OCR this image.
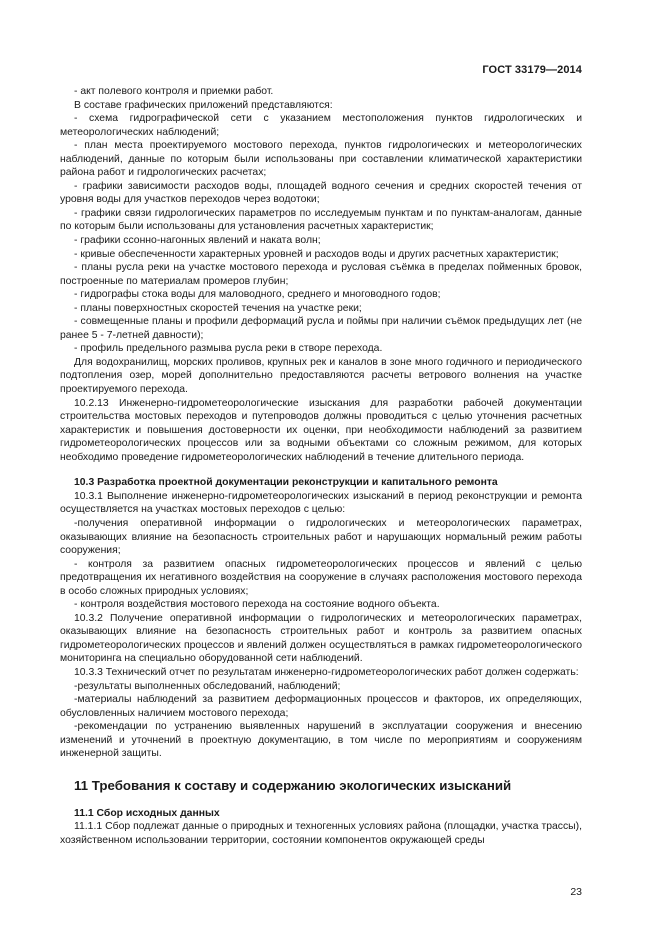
ГОСТ 33179—2014

- акт полевого контроля и приемки работ.

В составе графических приложений представляются:

- схема гидрографической сети с указанием местоположения пунктов гидрологических и метеорологических наблюдений;

- план места проектируемого мостового перехода, пунктов гидрологических и метеорологических наблюдений, данные по которым были использованы при составлении климатической характеристики района работ и гидрологических расчетах;

- графики зависимости расходов воды, площадей водного сечения и средних скоростей течения от уровня воды для участков переходов через водотоки;

- графики связи гидрологических параметров по исследуемым пунктам и по пунктам-аналогам, данные по которым были использованы для установления расчетных характеристик;

- графики ссонно-нагонных явлений и наката волн;

- кривые обеспеченности характерных уровней и расходов воды и других расчетных характеристик;

- планы русла реки на участке мостового перехода и русловая съёмка в пределах пойменных бровок, построенные по материалам промеров глубин;

- гидрографы стока воды для маловодного, среднего и многоводного годов;

- планы поверхностных скоростей течения на участке реки;

- совмещенные планы и профили деформаций русла и поймы при наличии съёмок предыдущих лет (не ранее 5 - 7-летней давности);

- профиль предельного размыва русла реки в створе перехода.

Для водохранилищ, морских проливов, крупных рек и каналов в зоне много годичного и периодического подтопления озер, морей дополнительно предоставляются расчеты ветрового волнения на участке проектируемого перехода.

10.2.13 Инженерно-гидрометеорологические изыскания для разработки рабочей документации строительства мостовых переходов и путепроводов должны проводиться с целью уточнения расчетных характеристик и повышения достоверности их оценки, при необходимости наблюдений за развитием гидрометеорологических процессов или за водными объектами со сложным режимом, для которых необходимо проведение гидрометеорологических наблюдений в течение длительного периода.

10.3 Разработка проектной документации реконструкции и капитального ремонта

10.3.1 Выполнение инженерно-гидрометеорологических изысканий в период реконструкции и ремонта осуществляется на участках мостовых переходов с целью:

-получения оперативной информации о гидрологических и метеорологических параметрах, оказывающих влияние на безопасность строительных работ и нарушающих нормальный режим работы сооружения;

- контроля за развитием опасных гидрометеорологических процессов и явлений с целью предотвращения их негативного воздействия на сооружение в случаях расположения мостового перехода в особо сложных природных условиях;

- контроля воздействия мостового перехода на состояние водного объекта.

10.3.2 Получение оперативной информации о гидрологических и метеорологических параметрах, оказывающих влияние на безопасность строительных работ и контроль за развитием опасных гидрометеорологических процессов и явлений должен осуществляться в рамках гидрометеорологического мониторинга на специально оборудованной сети наблюдений.

10.3.3 Технический отчет по результатам инженерно-гидрометеорологических работ должен содержать:

-результаты выполненных обследований, наблюдений;

-материалы наблюдений за развитием деформационных процессов и факторов, их определяющих, обусловленных наличием мостового перехода;

-рекомендации по устранению выявленных нарушений в эксплуатации сооружения и внесению изменений и уточнений в проектную документацию, в том числе по мероприятиям и сооружениям инженерной защиты.

11 Требования к составу и содержанию экологических изысканий

11.1 Сбор исходных данных

11.1.1 Сбор подлежат данные о природных и техногенных условиях района (площадки, участка трассы), хозяйственном использовании территории, состоянии компонентов окружающей среды

23
